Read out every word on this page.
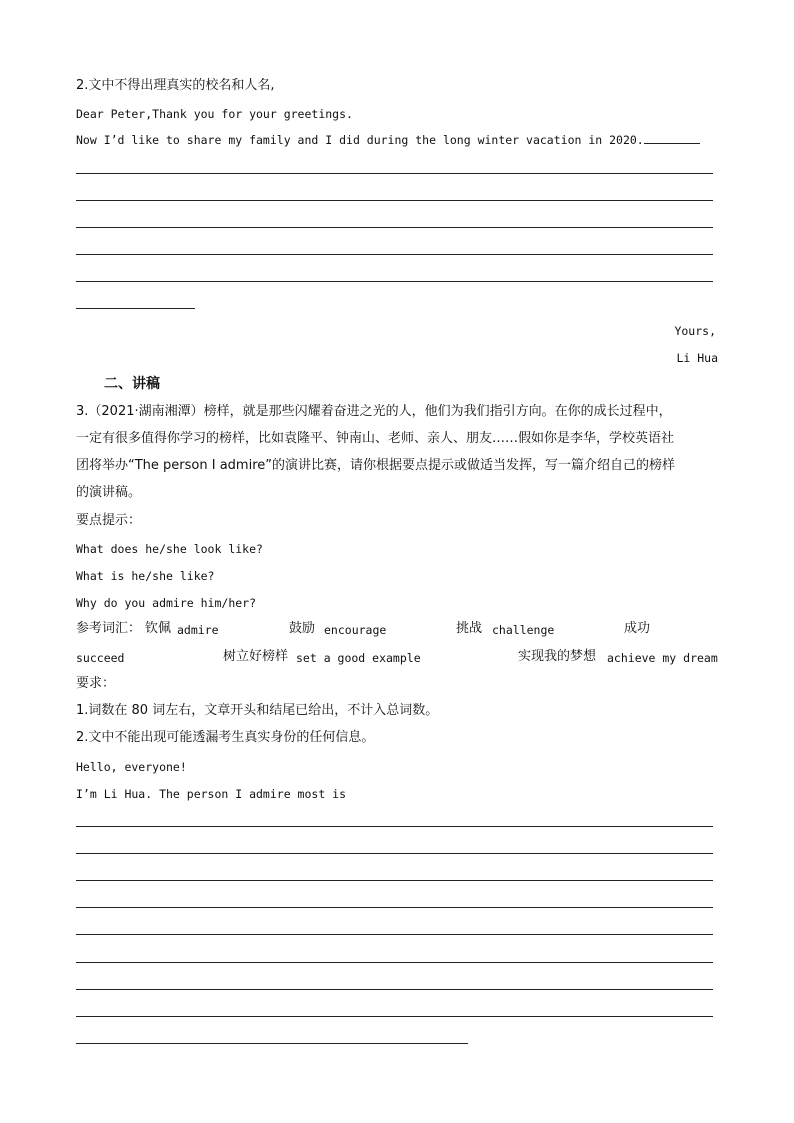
2.文中不得出理真实的校名和人名,
Dear Peter,Thank you for your greetings.
Now I’d like to share my family and I did during the long winter vacation in 2020.
Yours,
Li Hua
二、讲稿
3.（2021·湖南湘潭）榜样，就是那些闪耀着奋进之光的人，他们为我们指引方向。在你的成长过程中，
一定有很多值得你学习的榜样，比如袁隆平、钟南山、老师、亲人、朋友……假如你是李华，学校英语社
团将举办“The person I admire”的演讲比赛，请你根据要点提示或做适当发挥，写一篇介绍自己的榜样
的演讲稿。
要点提示：
What does he/she look like?
What is he/she like?
Why do you admire him/her?
参考词汇： 钦佩 admire	鼓励 encourage	挑战 challenge	成功
succeed	树立好榜样 set a good example	实现我的梦想 achieve my dream
要求：
1.词数在 80 词左右，文章开头和结尾已给出，不计入总词数。
2.文中不能出现可能透漏考生真实身份的任何信息。
Hello, everyone!
I’m Li Hua. The person I admire most is
